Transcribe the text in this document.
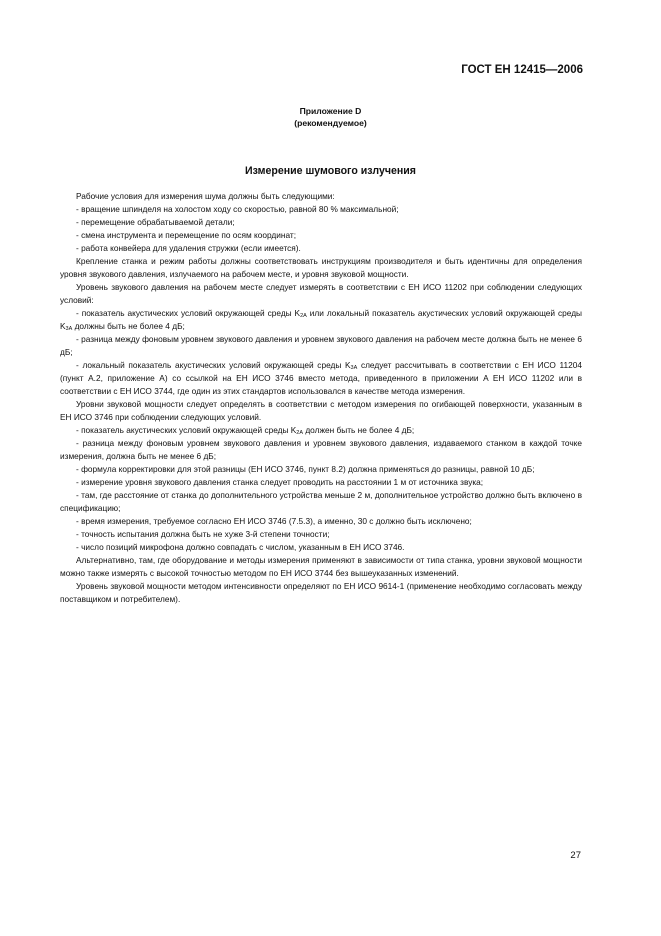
ГОСТ ЕН 12415—2006
Приложение D
(рекомендуемое)
Измерение шумового излучения

Рабочие условия для измерения шума должны быть следующими:

- вращение шпинделя на холостом ходу со скоростью, равной 80 % максимальной;

- перемещение обрабатываемой детали;

- смена инструмента и перемещение по осям координат;

- работа конвейера для удаления стружки (если имеется).

Крепление станка и режим работы должны соответствовать инструкциям производителя и быть идентичны для определения уровня звукового давления, излучаемого на рабочем месте, и уровня звуковой мощности.

Уровень звукового давления на рабочем месте следует измерять в соответствии с ЕН ИСО 11202 при соблюдении следующих условий:

- показатель акустических условий окружающей среды $K_{2A}$ или локальный показатель акустических условий окружающей среды $K_{3A}$ должны быть не более 4 дБ;

- разница между фоновым уровнем звукового давления и уровнем звукового давления на рабочем месте должна быть не менее 6 дБ;

- локальный показатель акустических условий окружающей среды $K_{3A}$ следует рассчитывать в соответствии с ЕН ИСО 11204 (пункт A.2, приложение A) со ссылкой на ЕН ИСО 3746 вместо метода, приведенного в приложении A ЕН ИСО 11202 или в соответствии с ЕН ИСО 3744, где один из этих стандартов использовался в качестве метода измерения.

Уровни звуковой мощности следует определять в соответствии с методом измерения по огибающей поверхности, указанным в ЕН ИСО 3746 при соблюдении следующих условий.

- показатель акустических условий окружающей среды $K_{2A}$ должен быть не более 4 дБ;

- разница между фоновым уровнем звукового давления и уровнем звукового давления, издаваемого станком в каждой точке измерения, должна быть не менее 6 дБ;

- формула корректировки для этой разницы (ЕН ИСО 3746, пункт 8.2) должна применяться до разницы, равной 10 дБ;

- измерение уровня звукового давления станка следует проводить на расстоянии 1 м от источника звука;

- там, где расстояние от станка до дополнительного устройства меньше 2 м, дополнительное устройство должно быть включено в спецификацию;

- время измерения, требуемое согласно ЕН ИСО 3746 (7.5.3), а именно, 30 с должно быть исключено;

- точность испытания должна быть не хуже 3-й степени точности;

- число позиций микрофона должно совпадать с числом, указанным в ЕН ИСО 3746.

Альтернативно, там, где оборудование и методы измерения применяют в зависимости от типа станка, уровни звуковой мощности можно также измерять с высокой точностью методом по ЕН ИСО 3744 без вышеуказанных изменений.

Уровень звуковой мощности методом интенсивности определяют по ЕН ИСО 9614-1 (применение необходимо согласовать между поставщиком и потребителем).

27
